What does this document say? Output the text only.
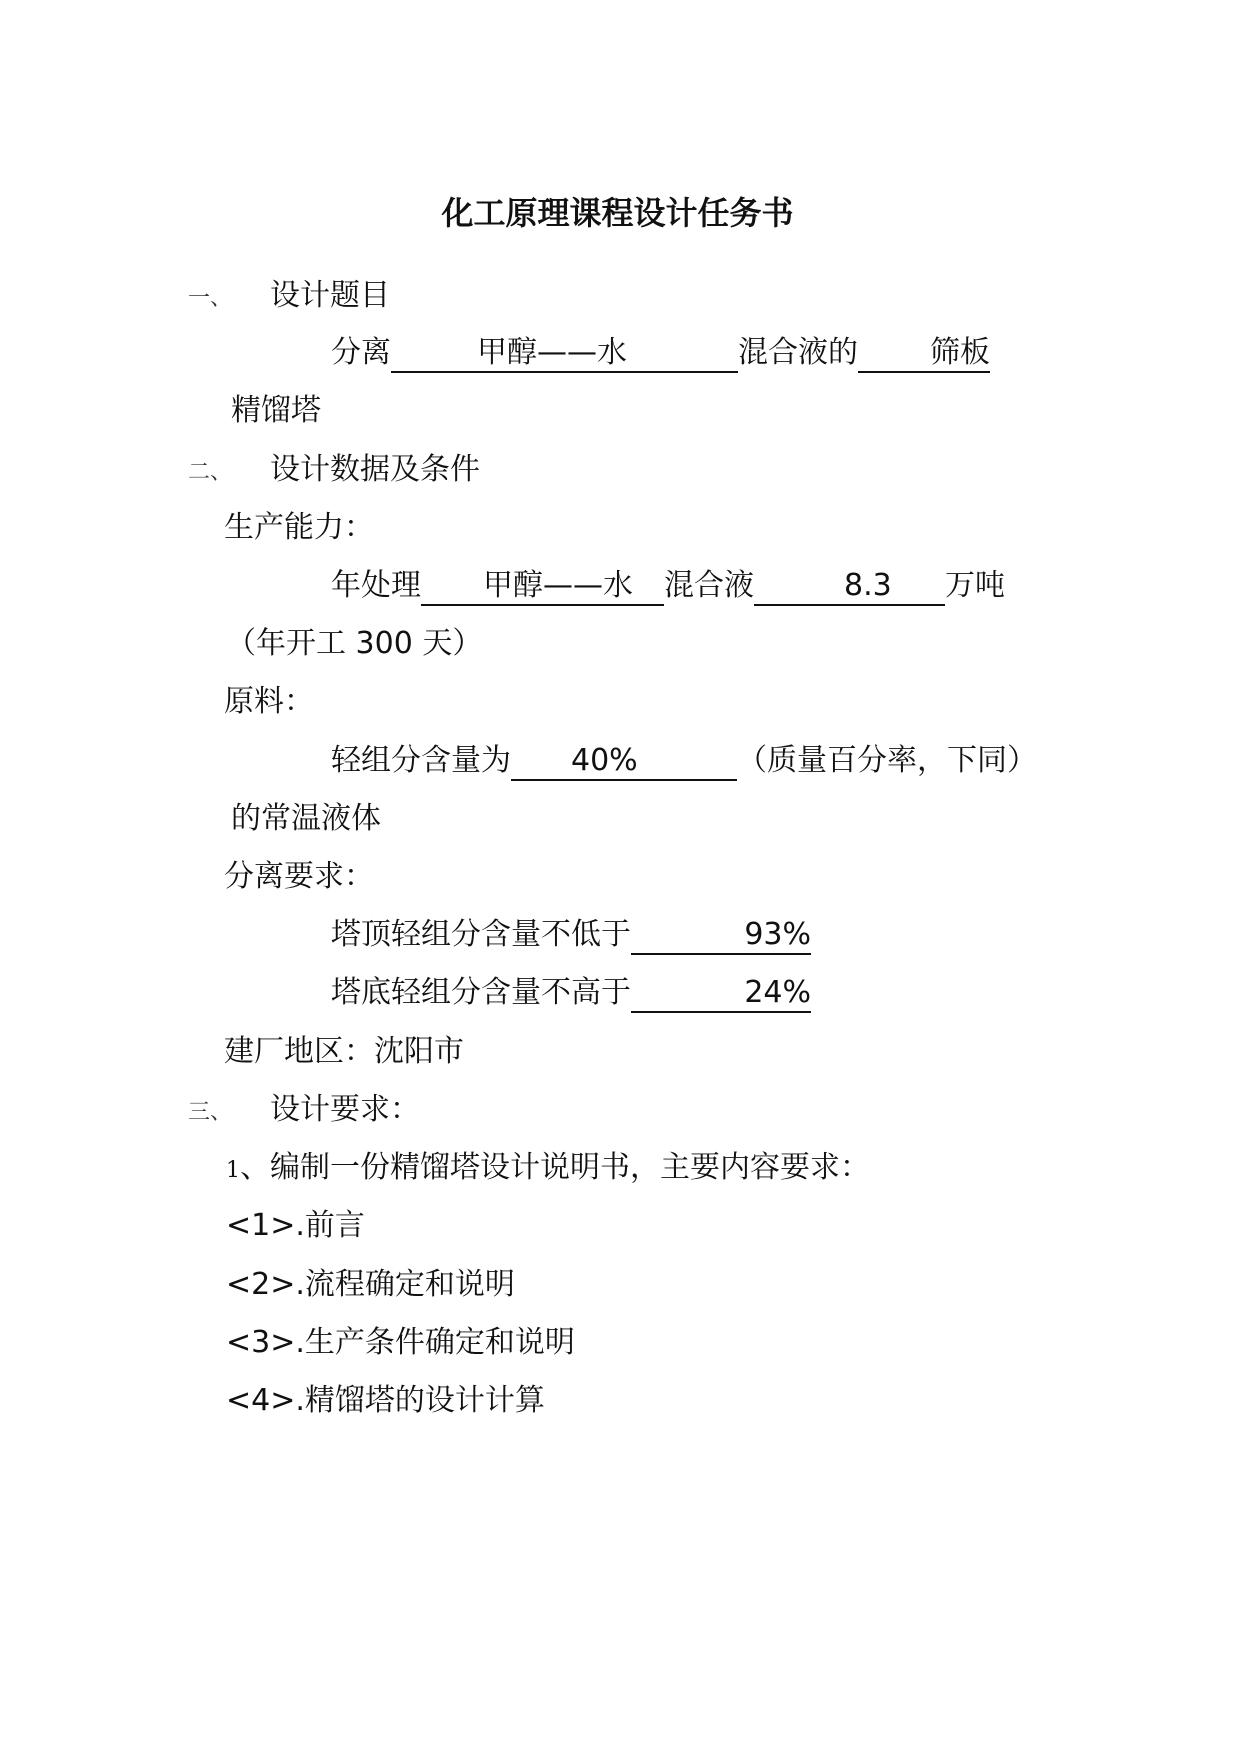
化工原理课程设计任务书
一、 设计题目
分离	甲醇——水	混合液的 筛板
精馏塔
二、 设计数据及条件
生产能力：
年处理 甲醇——水 混合液	8.3 万吨
（年开工 300 天）
原料：
轻组分含量为 40%	（质量百分率，下同）
的常温液体
分离要求：
塔顶轻组分含量不低于	93%
塔底轻组分含量不高于	24%
建厂地区：沈阳市
三、 设计要求：
1、编制一份精馏塔设计说明书，主要内容要求：
<1>.前言
<2>.流程确定和说明
<3>.生产条件确定和说明
<4>.精馏塔的设计计算
